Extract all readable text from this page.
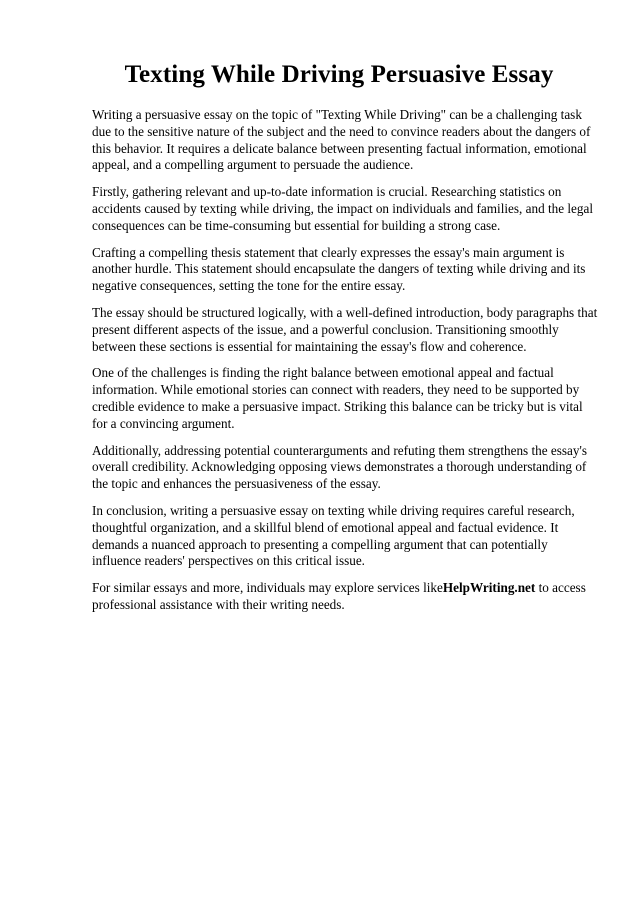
Texting While Driving Persuasive Essay

Writing a persuasive essay on the topic of "Texting While Driving" can be a challenging task due to the sensitive nature of the subject and the need to convince readers about the dangers of this behavior. It requires a delicate balance between presenting factual information, emotional appeal, and a compelling argument to persuade the audience.

Firstly, gathering relevant and up-to-date information is crucial. Researching statistics on accidents caused by texting while driving, the impact on individuals and families, and the legal consequences can be time-consuming but essential for building a strong case.

Crafting a compelling thesis statement that clearly expresses the essay's main argument is another hurdle. This statement should encapsulate the dangers of texting while driving and its negative consequences, setting the tone for the entire essay.

The essay should be structured logically, with a well-defined introduction, body paragraphs that present different aspects of the issue, and a powerful conclusion. Transitioning smoothly between these sections is essential for maintaining the essay's flow and coherence.

One of the challenges is finding the right balance between emotional appeal and factual information. While emotional stories can connect with readers, they need to be supported by credible evidence to make a persuasive impact. Striking this balance can be tricky but is vital for a convincing argument.

Additionally, addressing potential counterarguments and refuting them strengthens the essay's overall credibility. Acknowledging opposing views demonstrates a thorough understanding of the topic and enhances the persuasiveness of the essay.

In conclusion, writing a persuasive essay on texting while driving requires careful research, thoughtful organization, and a skillful blend of emotional appeal and factual evidence. It demands a nuanced approach to presenting a compelling argument that can potentially influence readers' perspectives on this critical issue.

For similar essays and more, individuals may explore services likeHelpWriting.net to access professional assistance with their writing needs.
